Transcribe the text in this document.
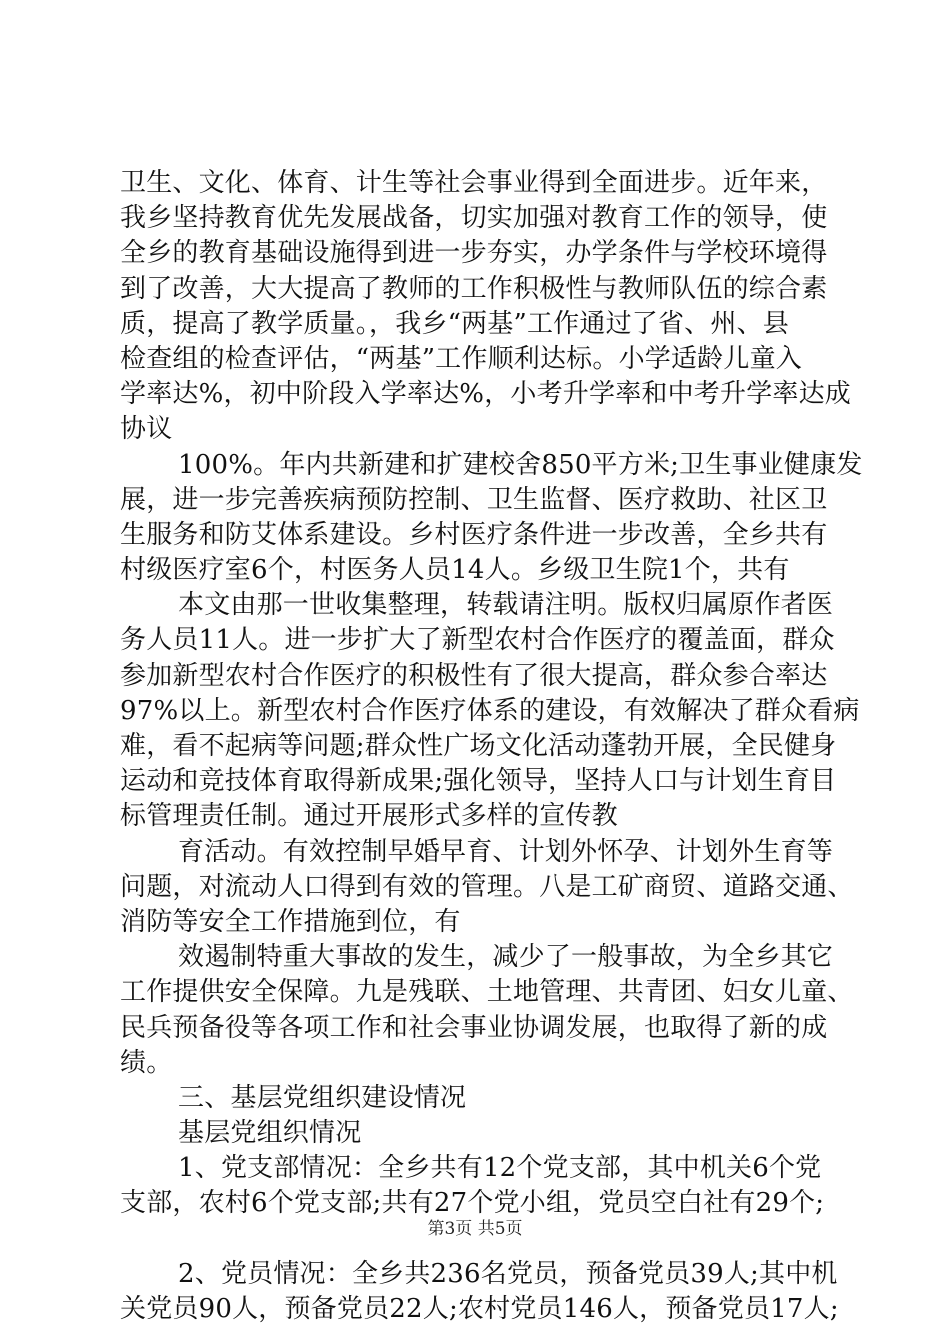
卫生、文化、体育、计生等社会事业得到全面进步。近年来，
我乡坚持教育优先发展战备，切实加强对教育工作的领导，使
全乡的教育基础设施得到进一步夯实，办学条件与学校环境得
到了改善，大大提高了教师的工作积极性与教师队伍的综合素
质，提高了教学质量。，我乡“两基”工作通过了省、州、县
检查组的检查评估，“两基”工作顺利达标。小学适龄儿童入
学率达%，初中阶段入学率达%，小考升学率和中考升学率达成
协议
100%。年内共新建和扩建校舍850平方米;卫生事业健康发
展，进一步完善疾病预防控制、卫生监督、医疗救助、社区卫
生服务和防艾体系建设。乡村医疗条件进一步改善，全乡共有
村级医疗室6个，村医务人员14人。乡级卫生院1个，共有
本文由那一世收集整理，转载请注明。版权归属原作者医
务人员11人。进一步扩大了新型农村合作医疗的覆盖面，群众
参加新型农村合作医疗的积极性有了很大提高，群众参合率达
97%以上。新型农村合作医疗体系的建设，有效解决了群众看病
难，看不起病等问题;群众性广场文化活动蓬勃开展，全民健身
运动和竞技体育取得新成果;强化领导，坚持人口与计划生育目
标管理责任制。通过开展形式多样的宣传教
育活动。有效控制早婚早育、计划外怀孕、计划外生育等
问题，对流动人口得到有效的管理。八是工矿商贸、道路交通、
消防等安全工作措施到位，有
效遏制特重大事故的发生，减少了一般事故，为全乡其它
工作提供安全保障。九是残联、土地管理、共青团、妇女儿童、
民兵预备役等各项工作和社会事业协调发展，也取得了新的成
绩。
三、基层党组织建设情况
基层党组织情况
1、党支部情况：全乡共有12个党支部，其中机关6个党
支部，农村6个党支部;共有27个党小组，党员空白社有29个;
2、党员情况：全乡共236名党员，预备党员39人;其中机
关党员90人，预备党员22人;农村党员146人，预备党员17人;
第3页 共5页
